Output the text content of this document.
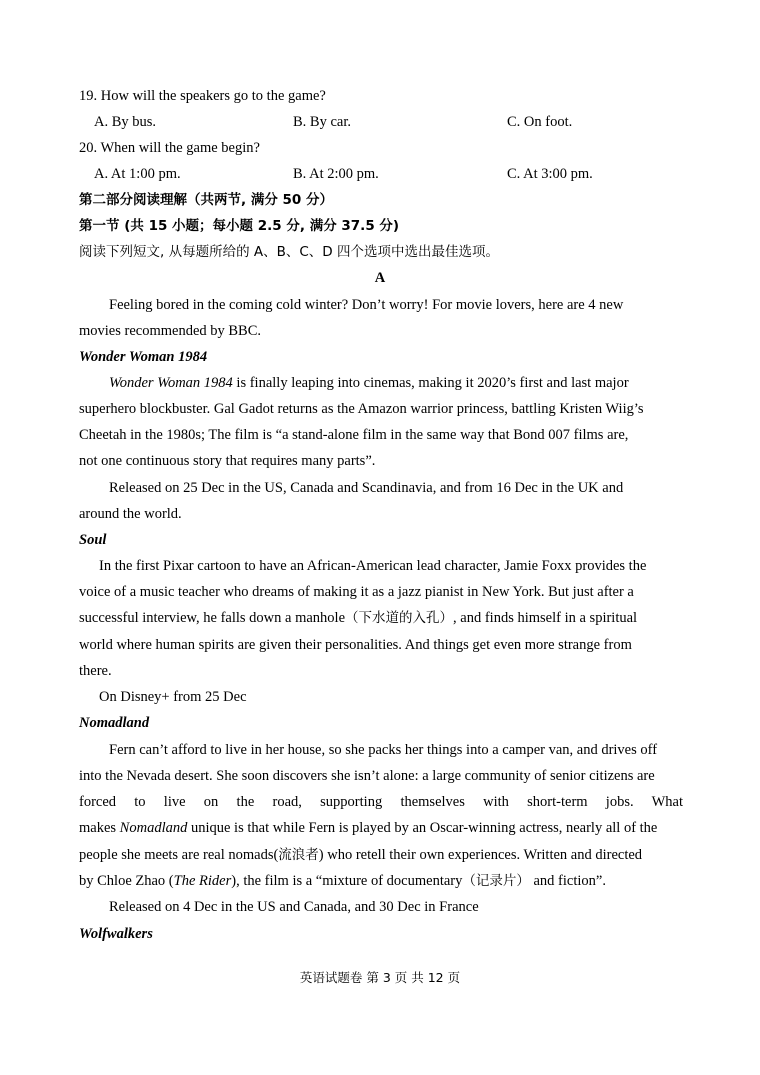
19. How will the speakers go to the game?
A. By bus.	B. By car.	C. On foot.
20. When will the game begin?
A. At 1:00 pm.	B. At 2:00 pm.	C. At 3:00 pm.
第二部分阅读理解（共两节, 满分 50 分）
第一节 (共 15 小题；每小题 2.5 分, 满分 37.5 分)
阅读下列短文, 从每题所给的 A、B、C、D 四个选项中选出最佳选项。
A
Feeling bored in the coming cold winter? Don’t worry! For movie lovers, here are 4 new
movies recommended by BBC.
Wonder Woman 1984
Wonder Woman 1984 is finally leaping into cinemas, making it 2020’s first and last major
superhero blockbuster. Gal Gadot returns as the Amazon warrior princess, battling Kristen Wiig’s
Cheetah in the 1980s; The film is “a stand-alone film in the same way that Bond 007 films are,
not one continuous story that requires many parts”.
Released on 25 Dec in the US, Canada and Scandinavia, and from 16 Dec in the UK and
around the world.
Soul
In the first Pixar cartoon to have an African-American lead character, Jamie Foxx provides the
voice of a music teacher who dreams of making it as a jazz pianist in New York. But just after a
successful interview, he falls down a manhole（下水道的入孔）, and finds himself in a spiritual
world where human spirits are given their personalities. And things get even more strange from
there.
On Disney+ from 25 Dec
Nomadland
Fern can’t afford to live in her house, so she packs her things into a camper van, and drives off
into the Nevada desert. She soon discovers she isn’t alone: a large community of senior citizens are
forced to live on the road, supporting themselves with short-term jobs. What
makes Nomadland unique is that while Fern is played by an Oscar-winning actress, nearly all of the
people she meets are real nomads(流浪者) who retell their own experiences. Written and directed
by Chloe Zhao (The Rider), the film is a “mixture of documentary（记录片） and fiction”.
Released on 4 Dec in the US and Canada, and 30 Dec in France
Wolfwalkers
英语试题卷 第 3 页 共 12 页
